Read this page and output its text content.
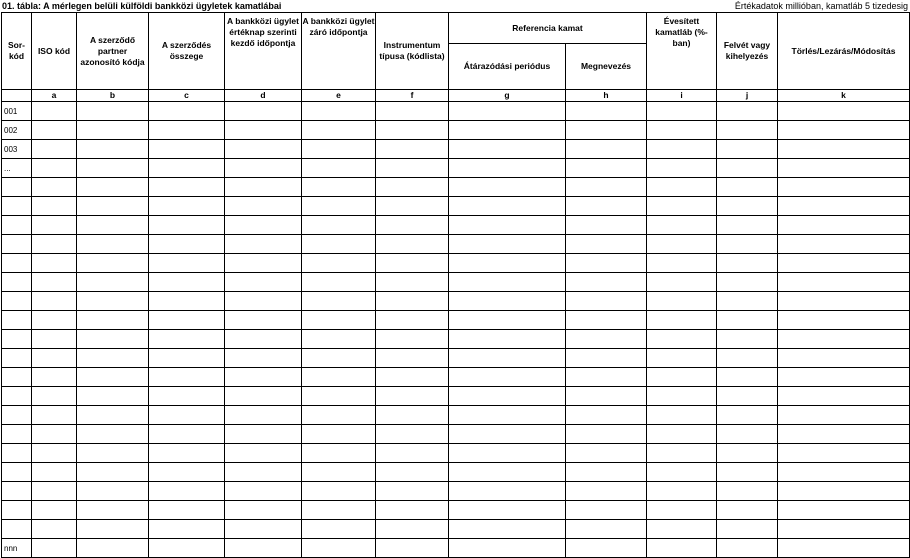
01. tábla: A mérlegen belüli külföldi bankközi ügyletek kamatlábai	Értékadatok millióban, kamatláb 5 tizedesig
Sor-kód	ISO kód	A szerződő partner azonosító kódja	A szerződés összege	A bankközi ügylet értéknap szerinti kezdő időpontja	A bankközi ügylet záró időpontja	Instrumentum típusa (kódlista)	Referencia kamat		Évesített kamatláb (%-ban)	Felvét vagy kihelyezés	Törlés/Lezárás/Módosítás
							Átárazódási periódus	Megnevezés			
	a	b	c	d	e	f	g	h	i	j	k
001											
002											
003											
...											

nnn											
